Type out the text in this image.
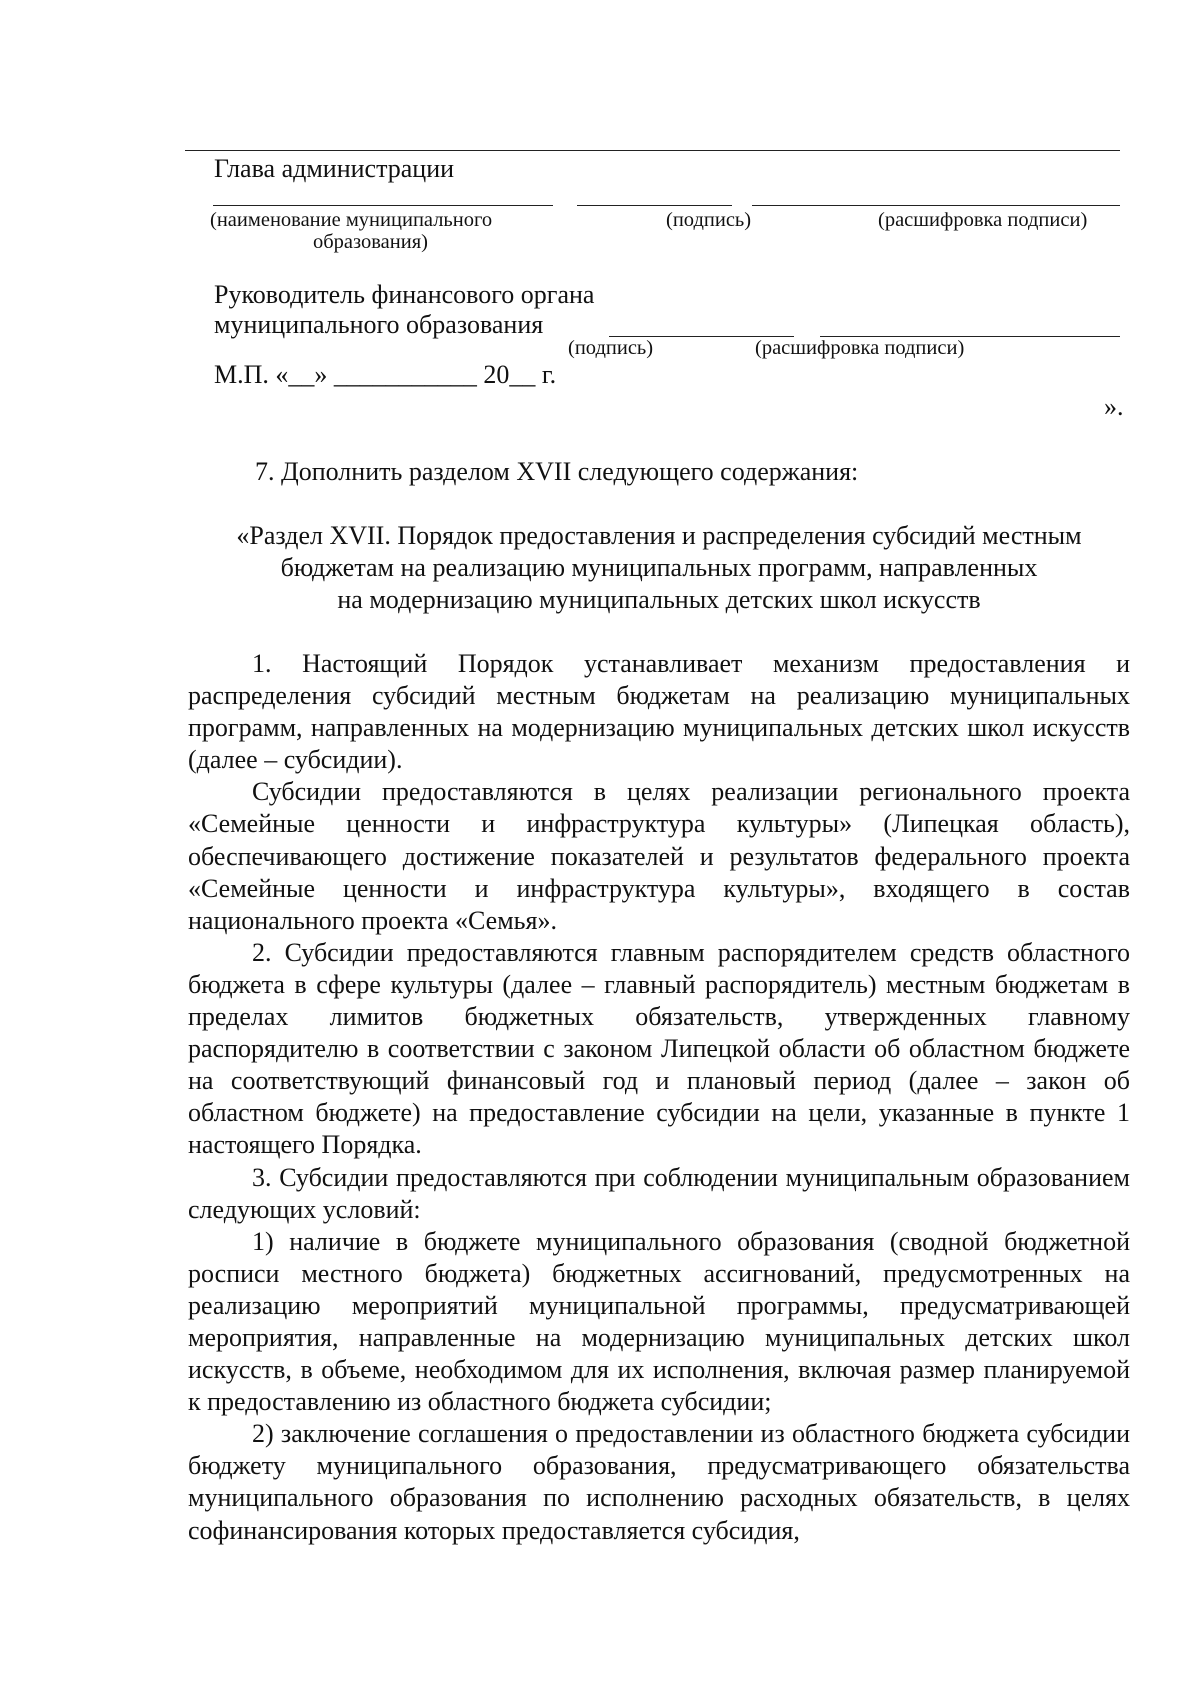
Глава администрации
(наименование муниципального
образования)
(подпись)	(расшифровка подписи)
Руководитель финансового органа
муниципального образования
(подпись)	(расшифровка подписи)
М.П. «__» ___________ 20__ г.
».
7. Дополнить разделом XVII следующего содержания:
«Раздел XVII. Порядок предоставления и распределения субсидий местным
бюджетам на реализацию муниципальных программ, направленных
на модернизацию муниципальных детских школ искусств

1. Настоящий Порядок устанавливает механизм предоставления и распределения субсидий местным бюджетам на реализацию муниципальных программ, направленных на модернизацию муниципальных детских школ искусств (далее – субсидии).

Субсидии предоставляются в целях реализации регионального проекта «Семейные ценности и инфраструктура культуры» (Липецкая область), обеспечивающего достижение показателей и результатов федерального проекта «Семейные ценности и инфраструктура культуры», входящего в состав национального проекта «Семья».

2. Субсидии предоставляются главным распорядителем средств областного бюджета в сфере культуры (далее – главный распорядитель) местным бюджетам в пределах лимитов бюджетных обязательств, утвержденных главному распорядителю в соответствии с законом Липецкой области об областном бюджете на соответствующий финансовый год и плановый период (далее – закон об областном бюджете) на предоставление субсидии на цели, указанные в пункте 1 настоящего Порядка.

3. Субсидии предоставляются при соблюдении муниципальным образованием следующих условий:

1) наличие в бюджете муниципального образования (сводной бюджетной росписи местного бюджета) бюджетных ассигнований, предусмотренных на реализацию мероприятий муниципальной программы, предусматривающей мероприятия, направленные на модернизацию муниципальных детских школ искусств, в объеме, необходимом для их исполнения, включая размер планируемой к предоставлению из областного бюджета субсидии;

2) заключение соглашения о предоставлении из областного бюджета субсидии бюджету муниципального образования, предусматривающего обязательства муниципального образования по исполнению расходных обязательств, в целях софинансирования которых предоставляется субсидия,
